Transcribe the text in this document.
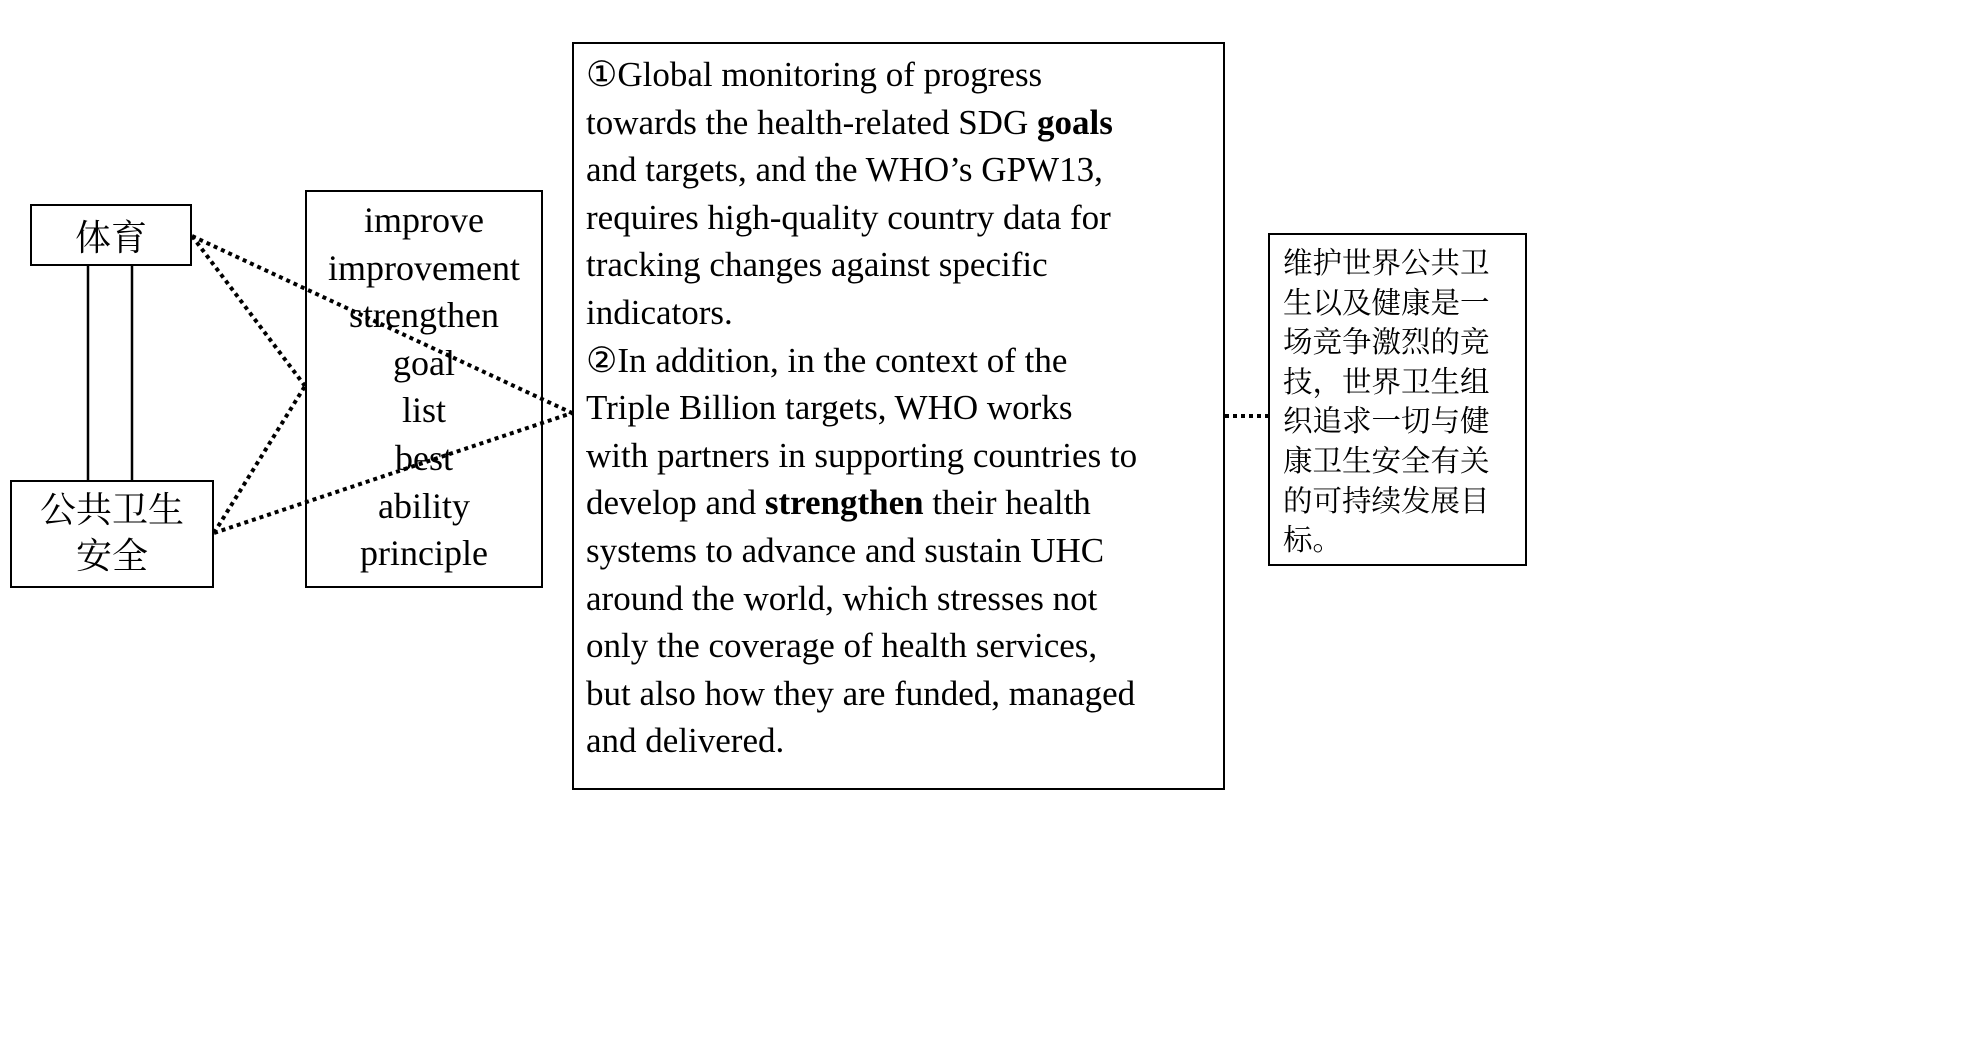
体育
公共卫生
安全
improve
improvement
strengthen
goal
list
best
ability
principle
①Global monitoring of progress
towards the health-related SDG goals
and targets, and the WHO’s GPW13,
requires high-quality country data for
tracking changes against specific
indicators.
②In addition, in the context of the
Triple Billion targets, WHO works
with partners in supporting countries to
develop and strengthen their health
systems to advance and sustain UHC
around the world, which stresses not
only the coverage of health services,
but also how they are funded, managed
and delivered.
维护世界公共卫
生以及健康是一
场竞争激烈的竞
技，世界卫生组
织追求一切与健
康卫生安全有关
的可持续发展目
标。
